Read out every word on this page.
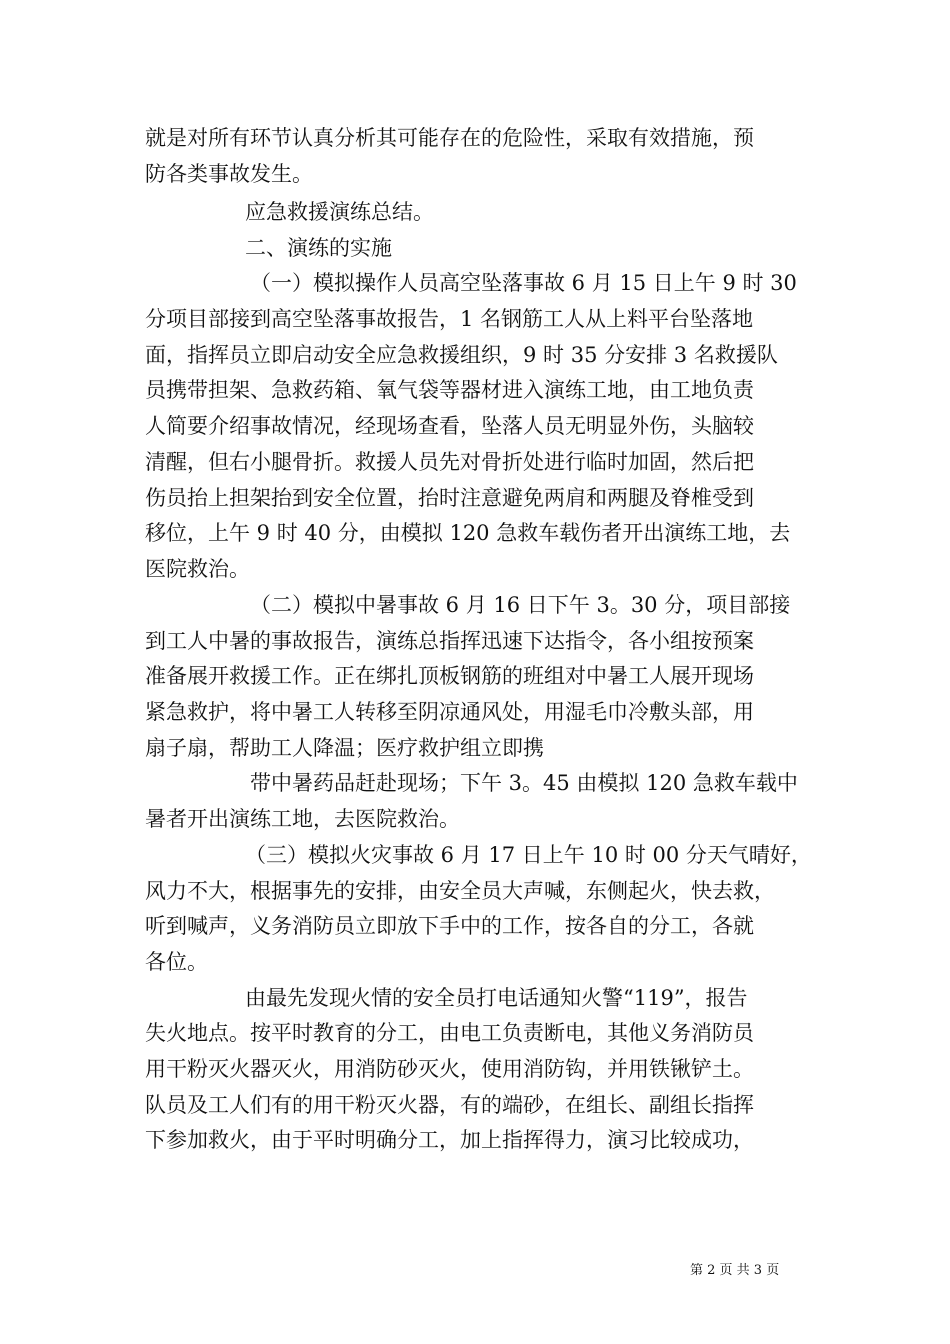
就是对所有环节认真分析其可能存在的危险性，采取有效措施，预
防各类事故发生。
应急救援演练总结。
二、演练的实施
（一）模拟操作人员高空坠落事故 6 月 15 日上午 9 时 30
分项目部接到高空坠落事故报告，1 名钢筋工人从上料平台坠落地
面，指挥员立即启动安全应急救援组织，9 时 35 分安排 3 名救援队
员携带担架、急救药箱、氧气袋等器材进入演练工地，由工地负责
人简要介绍事故情况，经现场查看，坠落人员无明显外伤，头脑较
清醒，但右小腿骨折。救援人员先对骨折处进行临时加固，然后把
伤员抬上担架抬到安全位置，抬时注意避免两肩和两腿及脊椎受到
移位，上午 9 时 40 分，由模拟 120 急救车载伤者开出演练工地，去
医院救治。
（二）模拟中暑事故 6 月 16 日下午 3。30 分，项目部接
到工人中暑的事故报告，演练总指挥迅速下达指令，各小组按预案
准备展开救援工作。正在绑扎顶板钢筋的班组对中暑工人展开现场
紧急救护，将中暑工人转移至阴凉通风处，用湿毛巾冷敷头部，用
扇子扇，帮助工人降温；医疗救护组立即携
带中暑药品赶赴现场；下午 3。45 由模拟 120 急救车载中
暑者开出演练工地，去医院救治。
（三）模拟火灾事故 6 月 17 日上午 10 时 00 分天气晴好，
风力不大，根据事先的安排，由安全员大声喊，东侧起火，快去救，
听到喊声，义务消防员立即放下手中的工作，按各自的分工，各就
各位。
由最先发现火情的安全员打电话通知火警“119”，报告
失火地点。按平时教育的分工，由电工负责断电，其他义务消防员
用干粉灭火器灭火，用消防砂灭火，使用消防钩，并用铁锹铲土。
队员及工人们有的用干粉灭火器，有的端砂，在组长、副组长指挥
下参加救火，由于平时明确分工，加上指挥得力，演习比较成功，
第 2 页 共 3 页
